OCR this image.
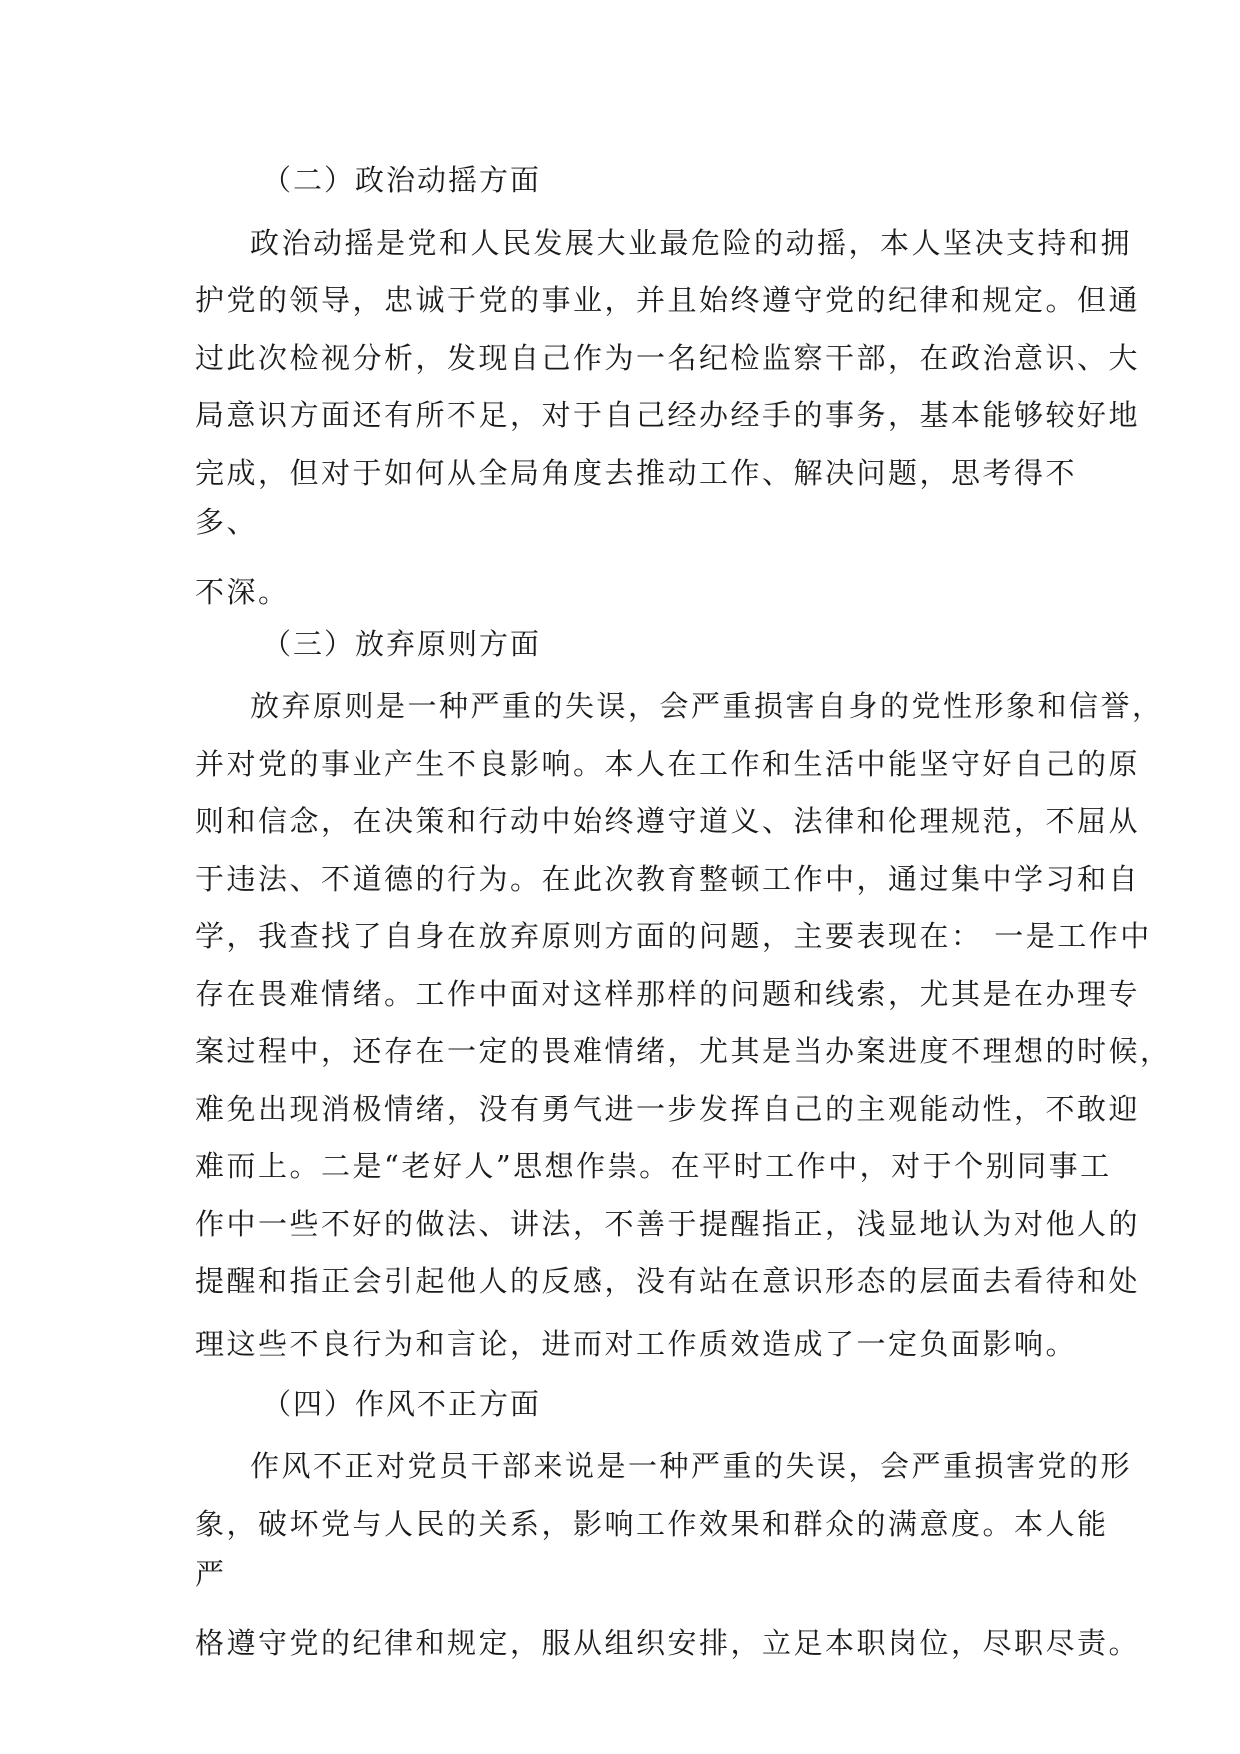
（二）政治动摇方面
政治动摇是党和人民发展大业最危险的动摇，本人坚决支持和拥
护党的领导，忠诚于党的事业，并且始终遵守党的纪律和规定。但通
过此次检视分析，发现自己作为一名纪检监察干部，在政治意识、大
局意识方面还有所不足，对于自己经办经手的事务，基本能够较好地
完成，但对于如何从全局角度去推动工作、解决问题，思考得不
多、
不深。
（三）放弃原则方面
放弃原则是一种严重的失误，会严重损害自身的党性形象和信誉，
并对党的事业产生不良影响。本人在工作和生活中能坚守好自己的原
则和信念，在决策和行动中始终遵守道义、法律和伦理规范，不屈从
于违法、不道德的行为。在此次教育整顿工作中，通过集中学习和自
学，我查找了自身在放弃原则方面的问题，主要表现在： 一是工作中
存在畏难情绪。工作中面对这样那样的问题和线索，尤其是在办理专
案过程中，还存在一定的畏难情绪，尤其是当办案进度不理想的时候，
难免出现消极情绪，没有勇气进一步发挥自己的主观能动性，不敢迎
难而上。二是“老好人”思想作祟。在平时工作中，对于个别同事工
作中一些不好的做法、讲法，不善于提醒指正，浅显地认为对他人的
提醒和指正会引起他人的反感，没有站在意识形态的层面去看待和处
理这些不良行为和言论，进而对工作质效造成了一定负面影响。
（四）作风不正方面
作风不正对党员干部来说是一种严重的失误，会严重损害党的形
象，破坏党与人民的关系，影响工作效果和群众的满意度。本人能
严
格遵守党的纪律和规定，服从组织安排，立足本职岗位，尽职尽责。
